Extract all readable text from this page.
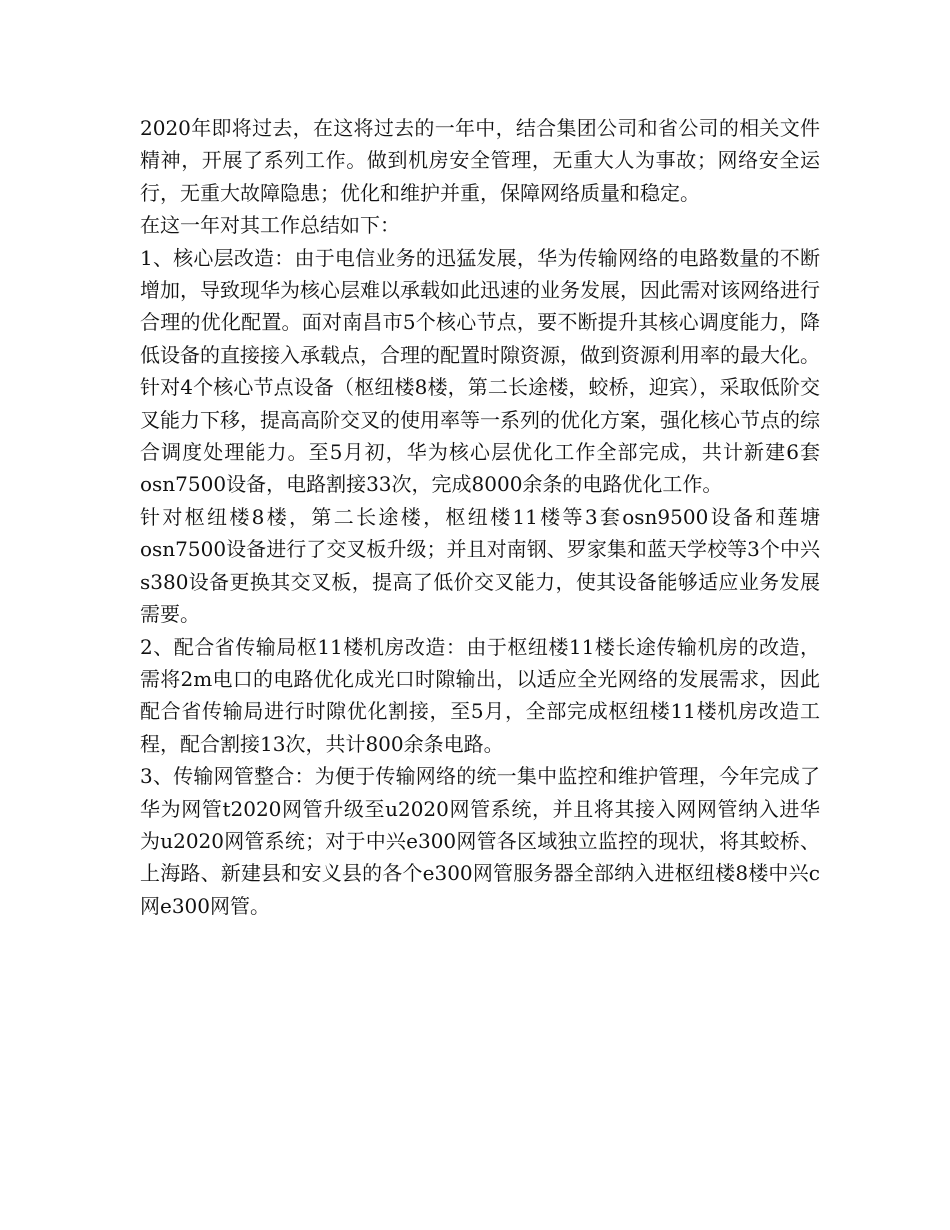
2020年即将过去，在这将过去的一年中，结合集团公司和省公司的相关文件精神，开展了系列工作。做到机房安全管理，无重大人为事故；网络安全运行，无重大故障隐患；优化和维护并重，保障网络质量和稳定。

在这一年对其工作总结如下：

1、核心层改造：由于电信业务的迅猛发展，华为传输网络的电路数量的不断增加，导致现华为核心层难以承载如此迅速的业务发展，因此需对该网络进行合理的优化配置。面对南昌市5个核心节点，要不断提升其核心调度能力，降低设备的直接接入承载点，合理的配置时隙资源，做到资源利用率的最大化。针对4个核心节点设备（枢纽楼8楼，第二长途楼，蛟桥，迎宾），采取低阶交叉能力下移，提高高阶交叉的使用率等一系列的优化方案，强化核心节点的综合调度处理能力。至5月初，华为核心层优化工作全部完成，共计新建6套osn7500设备，电路割接33次，完成8000余条的电路优化工作。

针对枢纽楼8楼，第二长途楼，枢纽楼11楼等3套osn9500设备和莲塘osn7500设备进行了交叉板升级；并且对南钢、罗家集和蓝天学校等3个中兴s380设备更换其交叉板，提高了低价交叉能力，使其设备能够适应业务发展需要。

2、配合省传输局枢11楼机房改造：由于枢纽楼11楼长途传输机房的改造，需将2m电口的电路优化成光口时隙输出，以适应全光网络的发展需求，因此配合省传输局进行时隙优化割接，至5月，全部完成枢纽楼11楼机房改造工程，配合割接13次，共计800余条电路。

3、传输网管整合：为便于传输网络的统一集中监控和维护管理，今年完成了华为网管t2020网管升级至u2020网管系统，并且将其接入网网管纳入进华为u2020网管系统；对于中兴e300网管各区域独立监控的现状，将其蛟桥、上海路、新建县和安义县的各个e300网管服务器全部纳入进枢纽楼8楼中兴c网e300网管。
